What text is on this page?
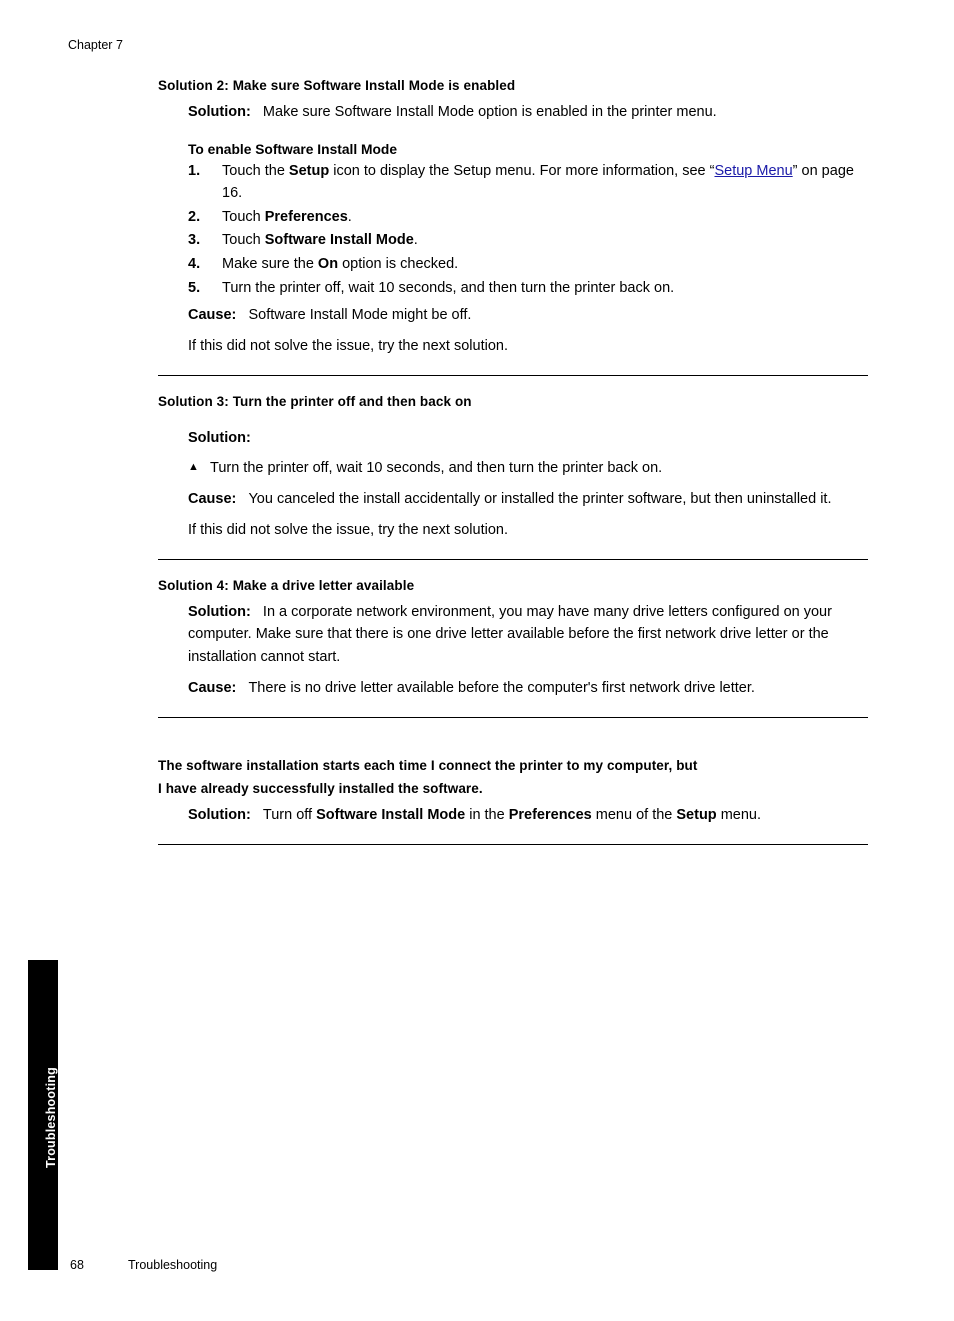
Chapter 7
Troubleshooting
Solution 2: Make sure Software Install Mode is enabled

Solution: Make sure Software Install Mode option is enabled in the printer menu.

To enable Software Install Mode
1.	Touch the Setup icon to display the Setup menu. For more information, see “Setup Menu” on page 16.
2.	Touch Preferences.
3.	Touch Software Install Mode.
4.	Make sure the On option is checked.
5.	Turn the printer off, wait 10 seconds, and then turn the printer back on.

Cause: Software Install Mode might be off.

If this did not solve the issue, try the next solution.

Solution 3: Turn the printer off and then back on

Solution:

▲ Turn the printer off, wait 10 seconds, and then turn the printer back on.

Cause: You canceled the install accidentally or installed the printer software, but then uninstalled it.

If this did not solve the issue, try the next solution.

Solution 4: Make a drive letter available

Solution: In a corporate network environment, you may have many drive letters configured on your computer. Make sure that there is one drive letter available before the first network drive letter or the installation cannot start.

Cause: There is no drive letter available before the computer's first network drive letter.

The software installation starts each time I connect the printer to my computer, but
I have already successfully installed the software.

Solution: Turn off Software Install Mode in the Preferences menu of the Setup menu.

68	Troubleshooting
